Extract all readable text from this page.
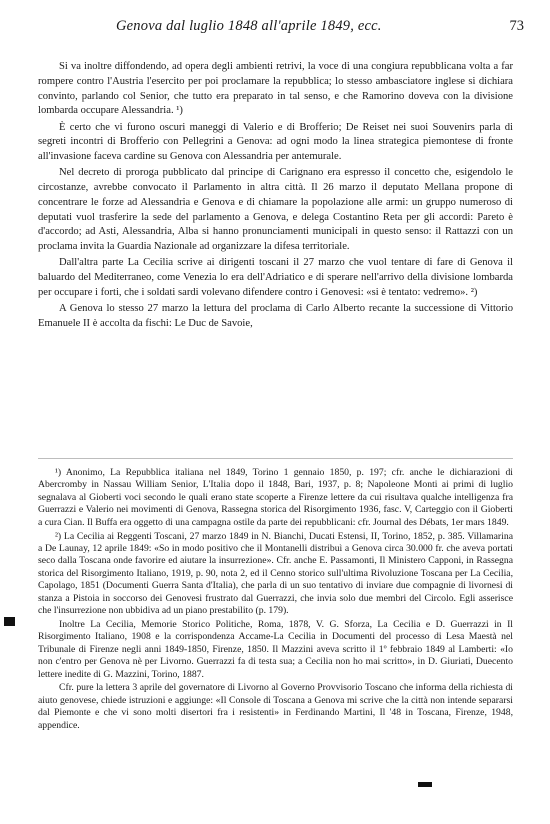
Genova dal luglio 1848 all'aprile 1849, ecc.	73

Si va inoltre diffondendo, ad opera degli ambienti retrivi, la voce di una congiura repubblicana volta a far rompere contro l'Austria l'esercito per poi proclamare la repubblica; lo stesso ambasciatore inglese si dichiara convinto, parlando col Senior, che tutto era preparato in tal senso, e che Ramorino doveva con la divisione lombarda occupare Alessandria. ¹)

È certo che vi furono oscuri maneggi di Valerio e di Brofferio; De Reiset nei suoi Souvenirs parla di segreti incontri di Brofferio con Pellegrini a Genova: ad ogni modo la linea strategica piemontese di fronte all'invasione faceva cardine su Genova con Alessandria per antemurale.

Nel decreto di proroga pubblicato dal principe di Carignano era espresso il concetto che, esigendolo le circostanze, avrebbe convocato il Parlamento in altra città. Il 26 marzo il deputato Mellana propone di concentrare le forze ad Alessandria e Genova e di chiamare la popolazione alle armi: un gruppo numeroso di deputati vuol trasferire la sede del parlamento a Genova, e delega Costantino Reta per gli accordi: Pareto è d'accordo; ad Asti, Alessandria, Alba si hanno pronunciamenti municipali in questo senso: il Rattazzi con un proclama invita la Guardia Nazionale ad organizzare la difesa territoriale.

Dall'altra parte La Cecilia scrive ai dirigenti toscani il 27 marzo che vuol tentare di fare di Genova il baluardo del Mediterraneo, come Venezia lo era dell'Adriatico e di sperare nell'arrivo della divisione lombarda per occupare i forti, che i soldati sardi volevano difendere contro i Genovesi: «si è tentato: vedremo». ²)

A Genova lo stesso 27 marzo la lettura del proclama di Carlo Alberto recante la successione di Vittorio Emanuele II è accolta da fischi: Le Duc de Savoie,

¹) Anonimo, La Repubblica italiana nel 1849, Torino 1 gennaio 1850, p. 197; cfr. anche le dichiarazioni di Abercromby in Nassau William Senior, L'Italia dopo il 1848, Bari, 1937, p. 8; Napoleone Monti ai primi di luglio segnalava al Gioberti voci secondo le quali erano state scoperte a Firenze lettere da cui risultava qualche intelligenza fra Guerrazzi e Valerio nei movimenti di Genova, Rassegna storica del Risorgimento 1936, fasc. V, Carteggio con il Gioberti a cura Cian. Il Buffa era oggetto di una campagna ostile da parte dei repubblicani: cfr. Journal des Débats, 1er mars 1849.

²) La Cecilia ai Reggenti Toscani, 27 marzo 1849 in N. Bianchi, Ducati Estensi, II, Torino, 1852, p. 385. Villamarina a De Launay, 12 aprile 1849: «So in modo positivo che il Montanelli distribuì a Genova circa 30.000 fr. che aveva portati seco dalla Toscana onde favorire ed aiutare la insurrezione». Cfr. anche E. Passamonti, Il Ministero Capponi, in Rassegna storica del Risorgimento Italiano, 1919, p. 90, nota 2, ed il Cenno storico sull'ultima Rivoluzione Toscana per La Cecilia, Capolago, 1851 (Documenti Guerra Santa d'Italia), che parla di un suo tentativo di inviare due compagnie di livornesi di stanza a Pistoia in soccorso dei Genovesi frustrato dal Guerrazzi, che invia solo due membri del Circolo. Egli asserisce che l'insurrezione non ubbidiva ad un piano prestabilito (p. 179).

Inoltre La Cecilia, Memorie Storico Politiche, Roma, 1878, V. G. Sforza, La Cecilia e D. Guerrazzi in Il Risorgimento Italiano, 1908 e la corrispondenza Accame-La Cecilia in Documenti del processo di Lesa Maestà nel Tribunale di Firenze negli anni 1849-1850, Firenze, 1850. Il Mazzini aveva scritto il 1º febbraio 1849 al Lamberti: «Io non c'entro per Genova nè per Livorno. Guerrazzi fa di testa sua; a Cecilia non ho mai scritto», in D. Giuriati, Duecento lettere inedite di G. Mazzini, Torino, 1887.

Cfr. pure la lettera 3 aprile del governatore di Livorno al Governo Provvisorio Toscano che informa della richiesta di aiuto genovese, chiede istruzioni e aggiunge: «Il Console di Toscana a Genova mi scrive che la città non intende separarsi dal Piemonte e che vi sono molti disertori fra i resistenti» in Ferdinando Martini, Il '48 in Toscana, Firenze, 1948, appendice.
